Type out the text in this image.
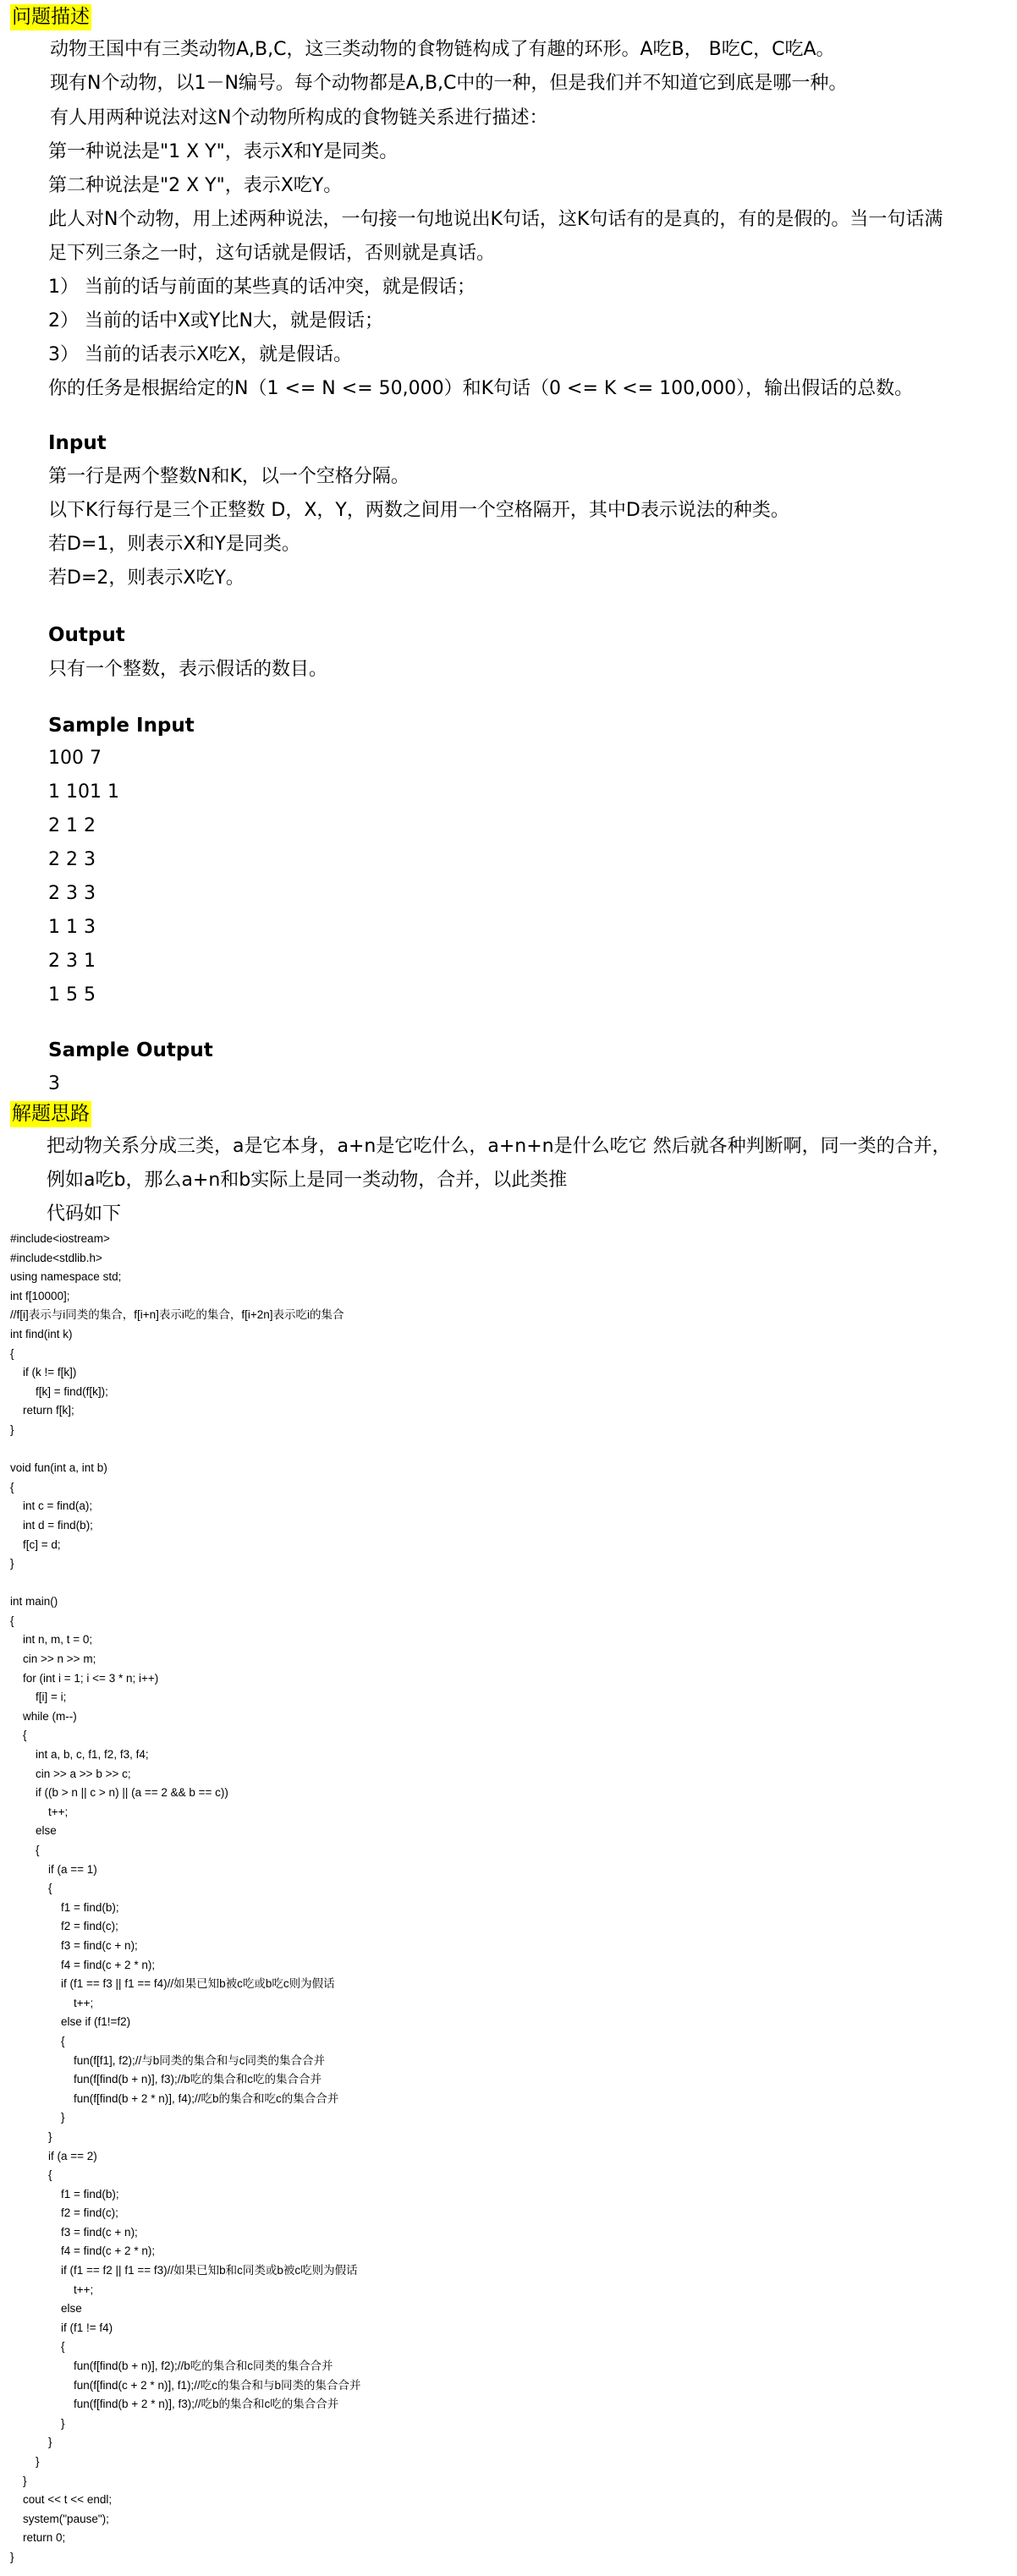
问题描述
动物王国中有三类动物A,B,C，这三类动物的食物链构成了有趣的环形。A吃B， B吃C，C吃A。
现有N个动物，以1－N编号。每个动物都是A,B,C中的一种，但是我们并不知道它到底是哪一种。
有人用两种说法对这N个动物所构成的食物链关系进行描述：
第一种说法是"1 X Y"，表示X和Y是同类。
第二种说法是"2 X Y"，表示X吃Y。
此人对N个动物，用上述两种说法，一句接一句地说出K句话，这K句话有的是真的，有的是假的。当一句话满
足下列三条之一时，这句话就是假话，否则就是真话。
1） 当前的话与前面的某些真的话冲突，就是假话；
2） 当前的话中X或Y比N大，就是假话；
3） 当前的话表示X吃X，就是假话。
你的任务是根据给定的N（1 <= N <= 50,000）和K句话（0 <= K <= 100,000），输出假话的总数。
Input
第一行是两个整数N和K，以一个空格分隔。
以下K行每行是三个正整数 D，X，Y，两数之间用一个空格隔开，其中D表示说法的种类。
若D=1，则表示X和Y是同类。
若D=2，则表示X吃Y。
Output
只有一个整数，表示假话的数目。
Sample Input
100 7
1 101 1
2 1 2
2 2 3
2 3 3
1 1 3
2 3 1
1 5 5
Sample Output
3
解题思路
把动物关系分成三类，a是它本身，a+n是它吃什么，a+n+n是什么吃它 然后就各种判断啊，同一类的合并，
例如a吃b，那么a+n和b实际上是同一类动物，合并，以此类推
代码如下
#include<iostream>
#include<stdlib.h>
using namespace std;
int f[10000];
//f[i]表示与i同类的集合，f[i+n]表示i吃的集合，f[i+2n]表示吃i的集合
int find(int k)
{
	if (k != f[k])
		f[k] = find(f[k]);
	return f[k];
}

void fun(int a, int b)
{
	int c = find(a);
	int d = find(b);
	f[c] = d;
}

int main()
{
	int n, m, t = 0;
	cin >> n >> m;
	for (int i = 1; i <= 3 * n; i++)
		f[i] = i;
	while (m--)
	{
		int a, b, c, f1, f2, f3, f4;
		cin >> a >> b >> c;
		if ((b > n || c > n) || (a == 2 && b == c))
			t++;
		else
		{
			if (a == 1)
			{
				f1 = find(b);
				f2 = find(c);
				f3 = find(c + n);
				f4 = find(c + 2 * n);
				if (f1 == f3 || f1 == f4)//如果已知b被c吃或b吃c则为假话
					t++;
				else if (f1!=f2)
				{
					fun(f[f1], f2);//与b同类的集合和与c同类的集合合并
					fun(f[find(b + n)], f3);//b吃的集合和c吃的集合合并
					fun(f[find(b + 2 * n)], f4);//吃b的集合和吃c的集合合并
				}
			}
			if (a == 2)
			{
				f1 = find(b);
				f2 = find(c);
				f3 = find(c + n);
				f4 = find(c + 2 * n);
				if (f1 == f2 || f1 == f3)//如果已知b和c同类或b被c吃则为假话
					t++;
				else
				if (f1 != f4)
				{
					fun(f[find(b + n)], f2);//b吃的集合和c同类的集合合并
					fun(f[find(c + 2 * n)], f1);//吃c的集合和与b同类的集合合并
					fun(f[find(b + 2 * n)], f3);//吃b的集合和c吃的集合合并
				}
			}
		}
	}
	cout << t << endl;
	system("pause");
	return 0;
}
